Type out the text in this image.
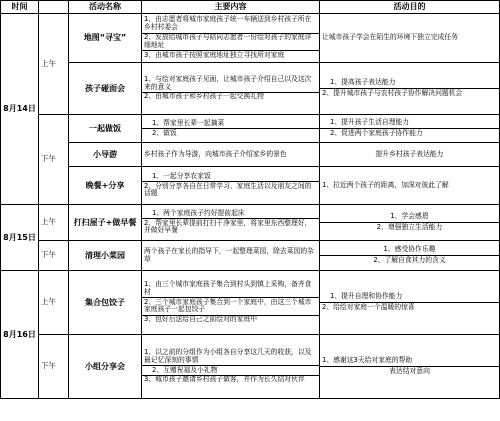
时间		活动名称	主要内容	活动目的
8月14日	上午	地图“寻宝”	1、由志愿者将城市家庭孩子统一车辆送到乡村孩子所在乡村村委会
2、发放给城市孩子与陪同志愿者一份绘对孩子的家庭详细地址
3、由城市孩子按照家庭地址独立寻找所对家庭	让城市孩子学会在陌生的环境下独立完成任务

		孩子碰面会	1、与绘对家庭孩子见面，让城市孩子介绍自己以及这次来的意义
2、由城市孩子和乡村孩子一起交换礼物	1、提高孩子表达能力
2、提升城市孩子与农村孩子协作解决问题机会

	下午	一起做饭	1、帮家里长辈一起摘菜
2、做饭	1、提升孩子生活自理能力
2、促进两个家庭孩子协作能力

		小导游	乡村孩子作为导游，向城市孩子介绍家乡的景色	提升乡村孩子表达能力

		晚餐+分享	1、一起分享农家饭
2、分别分享各自在日常学习、家庭生活以及朋友之间的话题	1、拉近两个孩子的距离，加深对彼此了解

8月15日	上午	打扫屋子+做早餐	1、两个家庭孩子约好提前起床
2、帮家里长辈提前打扫干净家里，将家里东西整理好，并做好早餐	1、学会感恩
2、增强独立生活能力

	下午	清理小菜园	两个孩子在家长的指导下，一起整理菜园，除去菜园的杂草	1、感受协作乐趣
2、了解自食其力的含义

8月16日	上午	集合包饺子	1、由三个城市家庭孩子集合到村头到镇上采购，备齐食材
2、三个城市家庭孩子集合到一个家庭中，由这三个城市家庭孩子一起包饺子
3、包好后送给自己之前绘对的家庭中	1、提升自理和协作能力
2、给绘对家庭一个温暖的惊喜

	下午	小组分享会	1、以之前的分组作为小组各自分享这几天的收获，以及最记忆深刻的事情
2、互赠祝福及小礼物
3、城市孩子邀请乡村孩子做客，并作为长久结对伙伴	1、感谢这3天给对家庭的帮助
表达结对意向
